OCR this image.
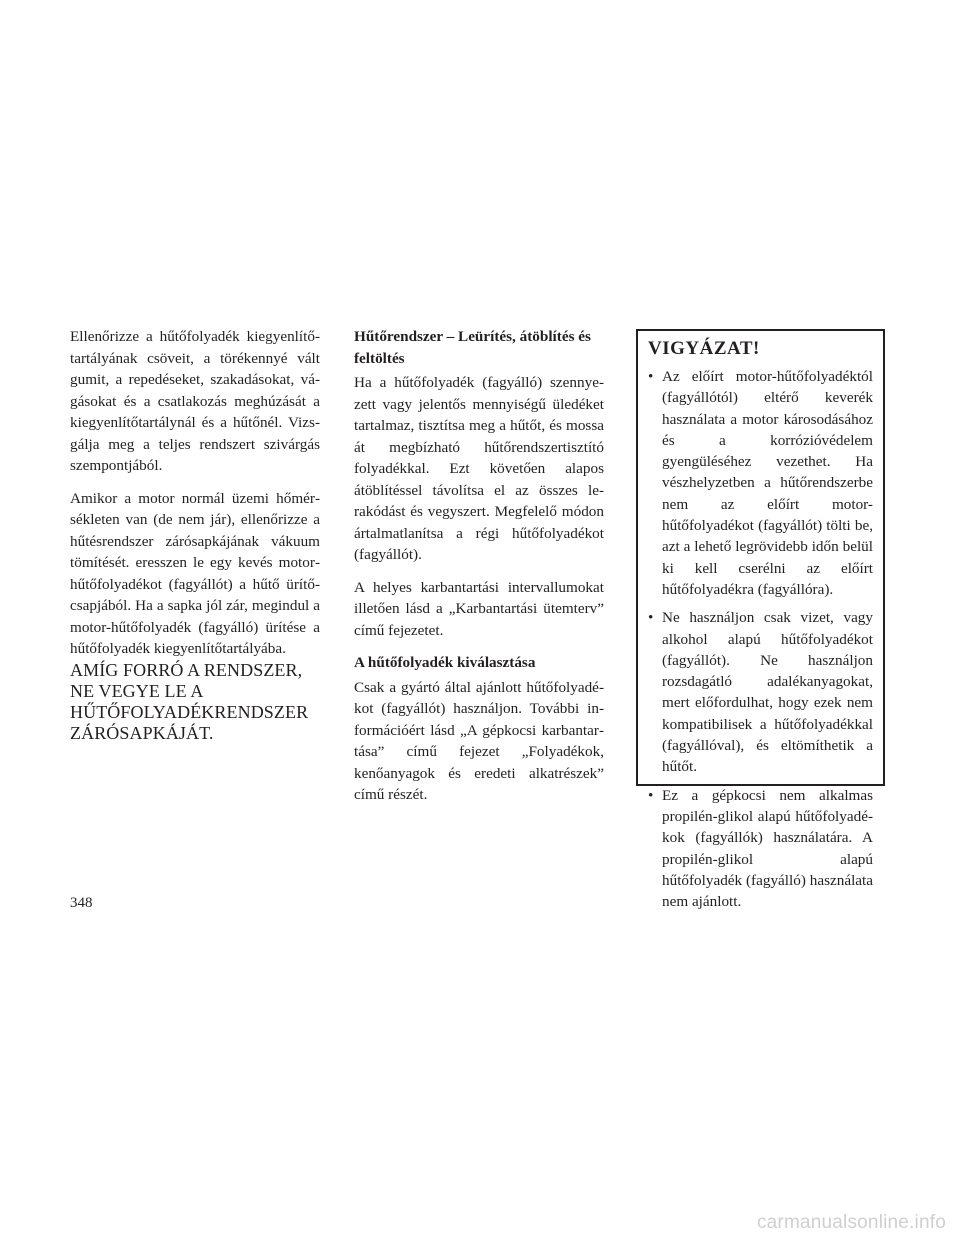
Ellenőrizze a hűtőfolyadék kiegyenlítőtartályának csöveit, a törékennyé vált gumit, a repedéseket, szakadásokat, vágásokat és a csatlakozás meghúzását a kiegyenlítőtartálynál és a hűtőnél. Vizsgálja meg a teljes rendszert szivárgás szempontjából.

Amikor a motor normál üzemi hőmérsékleten van (de nem jár), ellenőrizze a hűtésrendszer zárósapkájának vákuum tömítését. eresszen le egy kevés motorhűtőfolyadékot (fagyállót) a hűtő ürítőcsapjából. Ha a sapka jól zár, megindul a motor-hűtőfolyadék (fagyálló) ürítése a hűtőfolyadék kiegyenlítőtartályába.

AMÍG FORRÓ A RENDSZER, NE VEGYE LE A HŰTŐFOLYADÉKRENDSZER ZÁRÓSAPKÁJÁT.

Hűtőrendszer – Leürítés, átöblítés és feltöltés

Ha a hűtőfolyadék (fagyálló) szennyezett vagy jelentős mennyiségű üledéket tartalmaz, tisztítsa meg a hűtőt, és mossa át megbízható hűtőrendszertisztító folyadékkal. Ezt követően alapos átöblítéssel távolítsa el az összes lerakódást és vegyszert. Megfelelő módon ártalmatlanítsa a régi hűtőfolyadékot (fagyállót).

A helyes karbantartási intervallumokat illetően lásd a „Karbantartási ütemterv” című fejezetet.

A hűtőfolyadék kiválasztása

Csak a gyártó által ajánlott hűtőfolyadékot (fagyállót) használjon. További információért lásd „A gépkocsi karbantartása” című fejezet „Folyadékok, kenőanyagok és eredeti alkatrészek” című részét.

VIGYÁZAT!
• Az előírt motor-hűtőfolyadéktól (fagyállótól) eltérő keverék használata a motor károsodásához és a korrózióvédelem gyengüléséhez vezethet. Ha vészhelyzetben a hűtőrendszerbe nem az előírt motor-hűtőfolyadékot (fagyállót) tölti be, azt a lehető legrövidebb időn belül ki kell cserélni az előírt hűtőfolyadékra (fagyállóra).
• Ne használjon csak vizet, vagy alkohol alapú hűtőfolyadékot (fagyállót). Ne használjon rozsdagátló adalékanyagokat, mert előfordulhat, hogy ezek nem kompatibilisek a hűtőfolyadékkal (fagyállóval), és eltömíthetik a hűtőt.
• Ez a gépkocsi nem alkalmas propilén-glikol alapú hűtőfolyadékok (fagyállók) használatára. A propilén-glikol alapú hűtőfolyadék (fagyálló) használata nem ajánlott.
348
carmanualsonline.info
